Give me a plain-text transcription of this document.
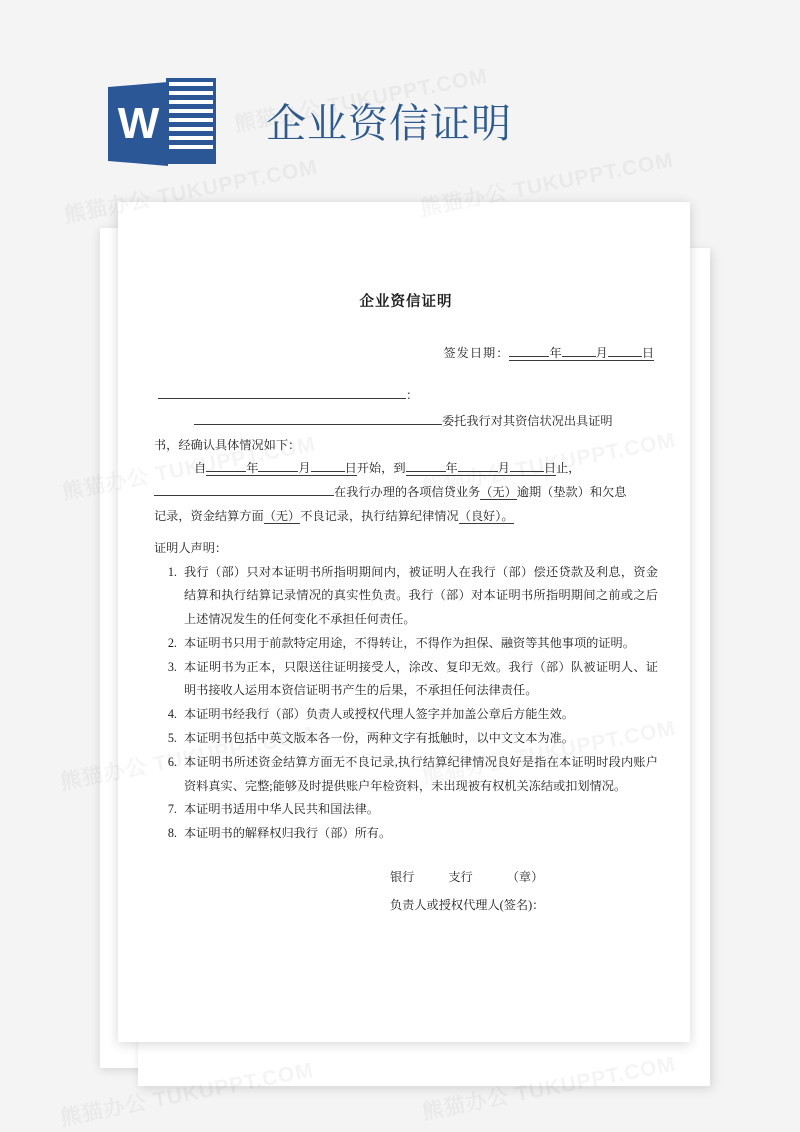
W	企业资信证明
企业资信证明
签发日期：	年	月	日
：
委托我行对其资信状况出具证明
书，经确认具体情况如下：
自	年	月	日开始，到	年	月	日止，
在我行办理的各项信贷业务（无）逾期（垫款）和欠息
记录，资金结算方面（无）不良记录，执行结算纪律情况（良好）。
证明人声明：
1. 我行（部）只对本证明书所指明期间内，被证明人在我行（部）偿还贷款及利息，资金结算和执行结算记录情况的真实性负责。我行（部）对本证明书所指明期间之前或之后上述情况发生的任何变化不承担任何责任。
2. 本证明书只用于前款特定用途，不得转让，不得作为担保、融资等其他事项的证明。
3. 本证明书为正本，只限送往证明接受人，涂改、复印无效。我行（部）队被证明人、证明书接收人运用本资信证明书产生的后果，不承担任何法律责任。
4. 本证明书经我行（部）负责人或授权代理人签字并加盖公章后方能生效。
5. 本证明书包括中英文版本各一份，两种文字有抵触时，以中文文本为准。
6. 本证明书所述资金结算方面无不良记录,执行结算纪律情况良好是指在本证明时段内账户资料真实、完整;能够及时提供账户年检资料，未出现被有权机关冻结或扣划情况。
7. 本证明书适用中华人民共和国法律。
8. 本证明书的解释权归我行（部）所有。
银行	支行	（章）
负责人或授权代理人(签名)：
